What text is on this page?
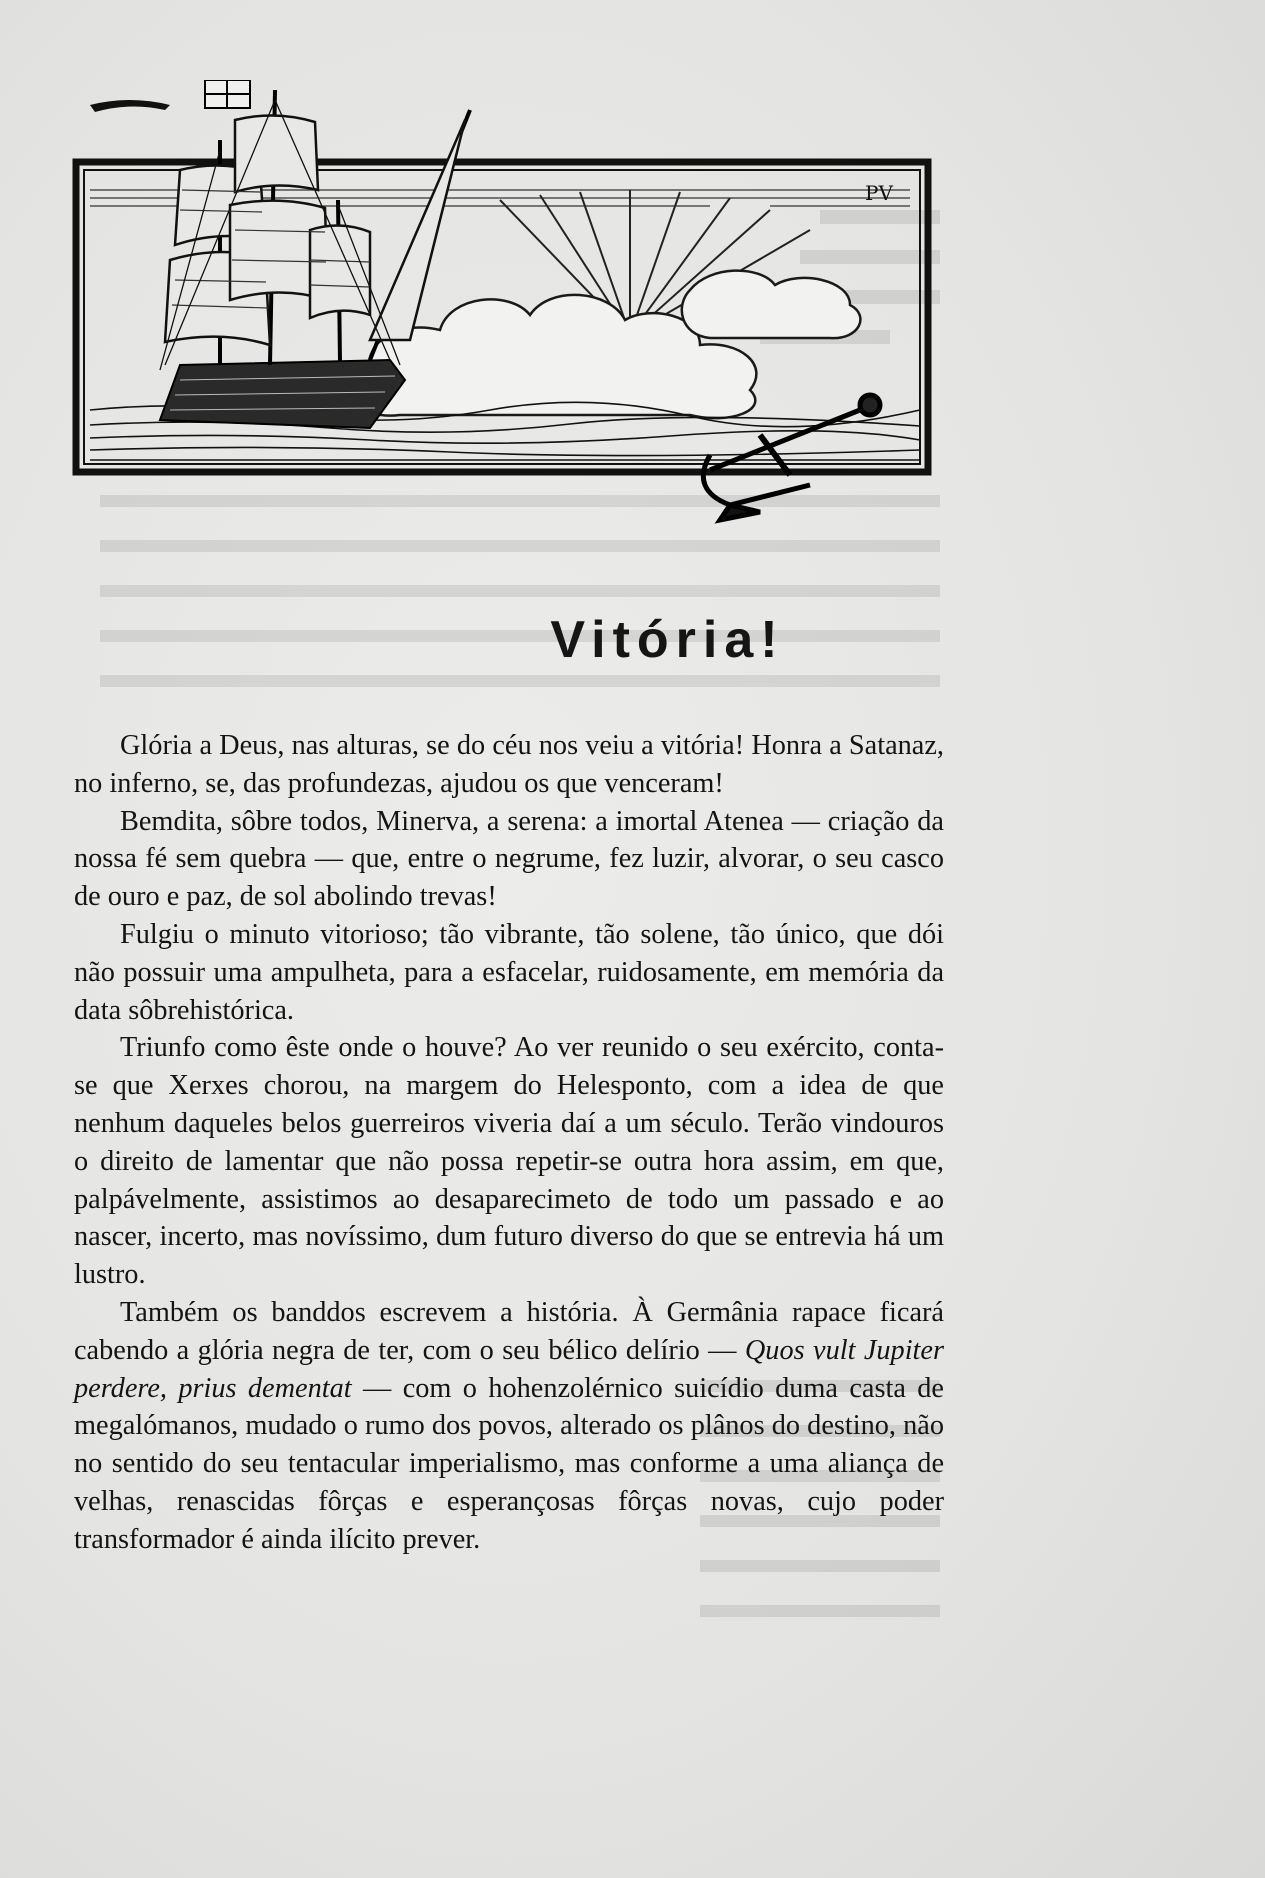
PV
Vitória!

Glória a Deus, nas alturas, se do céu nos veiu a vitória! Honra a Satanaz, no inferno, se, das profundezas, ajudou os que venceram!

Bemdita, sôbre todos, Minerva, a serena: a imortal Atenea — criação da nossa fé sem quebra — que, entre o negrume, fez luzir, alvorar, o seu casco de ouro e paz, de sol abolindo trevas!

Fulgiu o minuto vitorioso; tão vibrante, tão solene, tão único, que dói não possuir uma ampulheta, para a esfacelar, ruidosamente, em memória da data sôbrehistórica.

Triunfo como êste onde o houve? Ao ver reunido o seu exército, conta-se que Xerxes chorou, na margem do Helesponto, com a idea de que nenhum daqueles belos guerreiros viveria daí a um século. Terão vindouros o direito de lamentar que não possa repetir-se outra hora assim, em que, palpávelmente, assistimos ao desaparecimeto de todo um passado e ao nascer, incerto, mas novíssimo, dum futuro diverso do que se entrevia há um lustro.

Também os banddos escrevem a história. À Germânia rapace ficará cabendo a glória negra de ter, com o seu bélico delírio — Quos vult Jupiter perdere, prius dementat — com o hohenzolérnico suicídio duma casta de megalómanos, mudado o rumo dos povos, alterado os plânos do destino, não no sentido do seu tentacular imperialismo, mas conforme a uma aliança de velhas, renascidas fôrças e esperançosas fôrças novas, cujo poder transformador é ainda ilícito prever.
